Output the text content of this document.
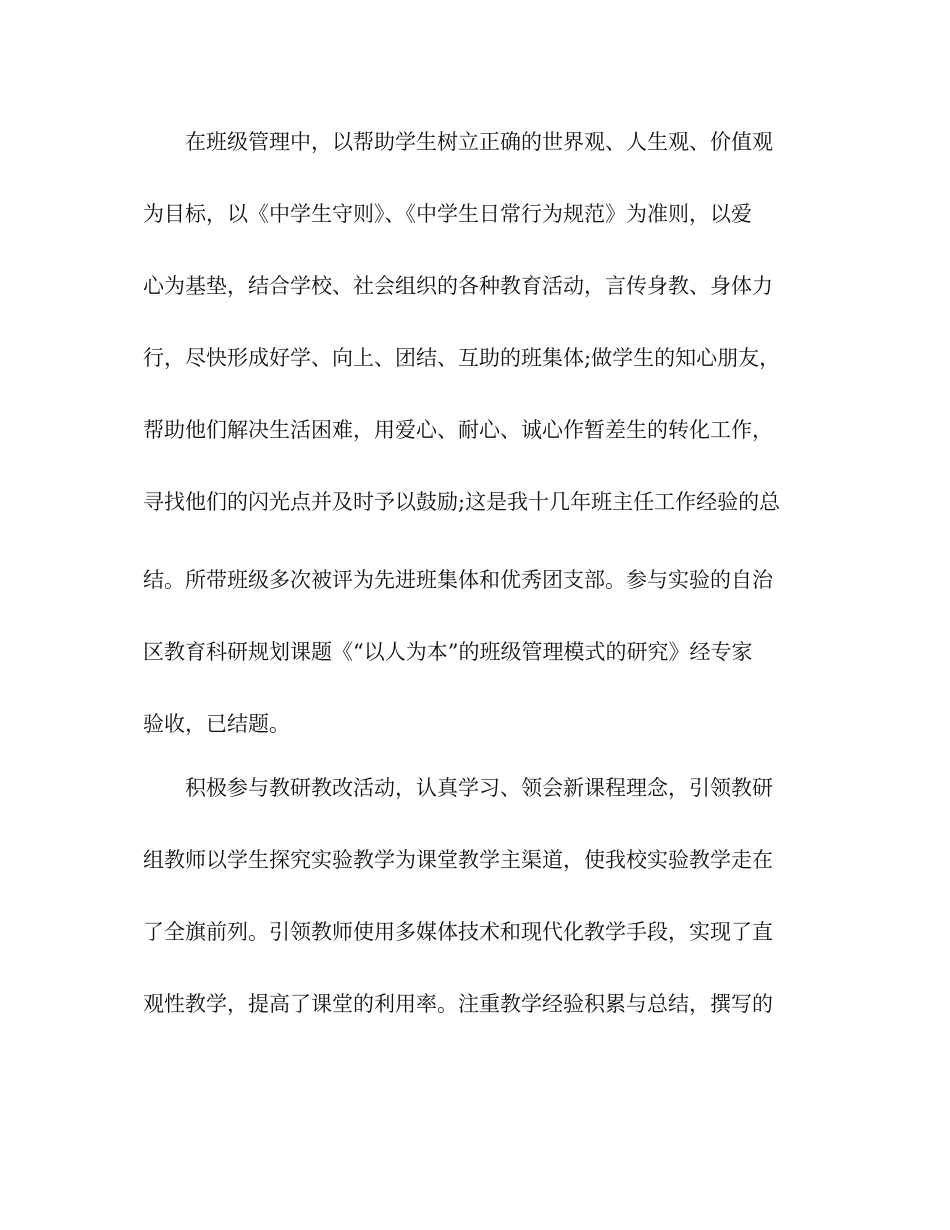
在班级管理中，以帮助学生树立正确的世界观、人生观、价值观
为目标，以《中学生守则》、《中学生日常行为规范》为准则，以爱
心为基垫，结合学校、社会组织的各种教育活动，言传身教、身体力
行，尽快形成好学、向上、团结、互助的班集体;做学生的知心朋友，
帮助他们解决生活困难，用爱心、耐心、诚心作暂差生的转化工作，
寻找他们的闪光点并及时予以鼓励;这是我十几年班主任工作经验的总
结。所带班级多次被评为先进班集体和优秀团支部。参与实验的自治
区教育科研规划课题《“以人为本”的班级管理模式的研究》经专家
验收，已结题。
积极参与教研教改活动，认真学习、领会新课程理念，引领教研
组教师以学生探究实验教学为课堂教学主渠道，使我校实验教学走在
了全旗前列。引领教师使用多媒体技术和现代化教学手段，实现了直
观性教学，提高了课堂的利用率。注重教学经验积累与总结，撰写的
